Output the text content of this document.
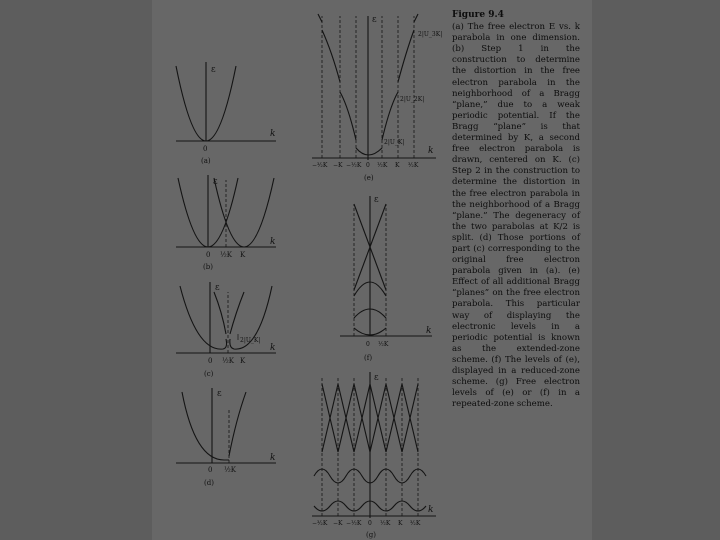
ε
k
0
(a)
ε
0 ½K K
k
(b)
ε
0 ½K K
2|U_K|
k
(c)
ε
0 ½K
k
(d)
ε
2|U_3K|
2|U_2K|
2|U_K|
k
−³⁄₂K −K −½K 0 ½K K ³⁄₂K
(e)
ε
0 ½K
k
(f)
ε
k
−³⁄₂K −K −½K 0 ½K K ³⁄₂K
(g)
Figure 9.4
(a) The free electron E vs. k parabola in one dimension. (b) Step 1 in the construction to determine the distortion in the free electron parabola in the neighborhood of a Bragg “plane,” due to a weak periodic potential. If the Bragg “plane” is that determined by K, a second free electron parabola is drawn, centered on K. (c) Step 2 in the construction to determine the distortion in the free electron parabola in the neighborhood of a Bragg “plane.” The degeneracy of the two parabolas at K/2 is split. (d) Those portions of part (c) corresponding to the original free electron parabola given in (a). (e) Effect of all additional Bragg “planes” on the free electron parabola. This particular way of displaying the electronic levels in a periodic potential is known as the extended-zone scheme. (f) The levels of (e), displayed in a reduced-zone scheme. (g) Free electron levels of (e) or (f) in a repeated-zone scheme.
